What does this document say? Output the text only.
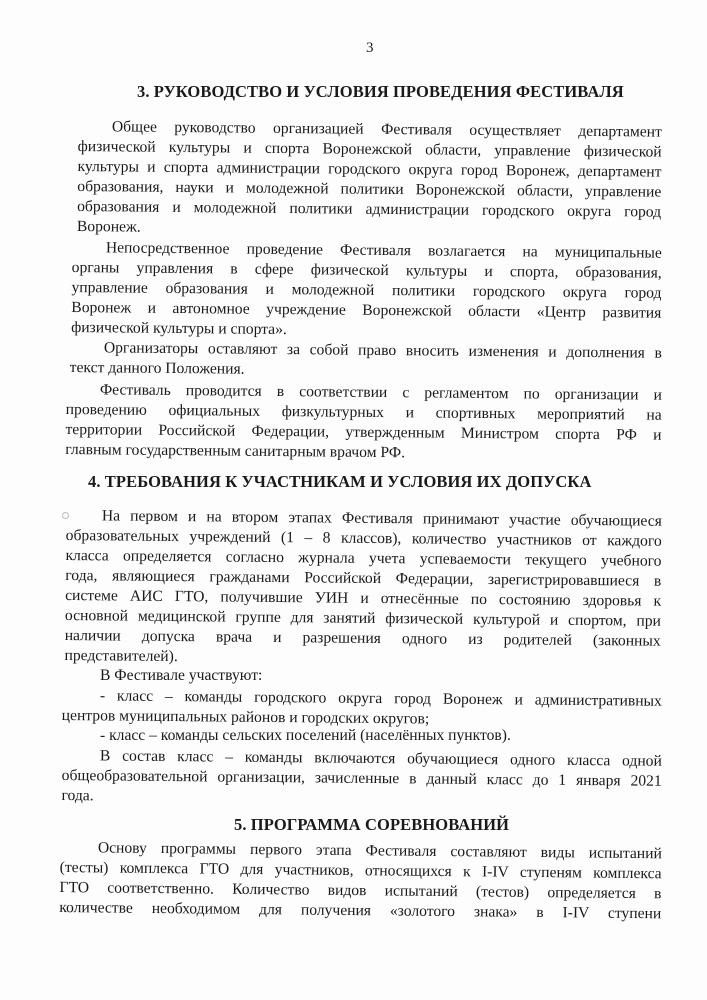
3
3. РУКОВОДСТВО И УСЛОВИЯ ПРОВЕДЕНИЯ ФЕСТИВАЛЯ
Общее руководство организацией Фестиваля осуществляет департамент
физической культуры и спорта Воронежской области, управление физической
культуры и спорта администрации городского округа город Воронеж, департамент
образования, науки и молодежной политики Воронежской области, управление
образования и молодежной политики администрации городского округа город
Воронеж.
Непосредственное проведение Фестиваля возлагается на муниципальные
органы управления в сфере физической культуры и спорта, образования,
управление образования и молодежной политики городского округа город
Воронеж и автономное учреждение Воронежской области «Центр развития
физической культуры и спорта».
Организаторы оставляют за собой право вносить изменения и дополнения в
текст данного Положения.
Фестиваль проводится в соответствии с регламентом по организации и
проведению официальных физкультурных и спортивных мероприятий на
территории Российской Федерации, утвержденным Министром спорта РФ и
главным государственным санитарным врачом РФ.
4. ТРЕБОВАНИЯ К УЧАСТНИКАМ И УСЛОВИЯ ИХ ДОПУСКА
На первом и на втором этапах Фестиваля принимают участие обучающиеся
образовательных учреждений (1 – 8 классов), количество участников от каждого
класса определяется согласно журнала учета успеваемости текущего учебного
года, являющиеся гражданами Российской Федерации, зарегистрировавшиеся в
системе АИС ГТО, получившие УИН и отнесённые по состоянию здоровья к
основной медицинской группе для занятий физической культурой и спортом, при
наличии допуска врача и разрешения одного из родителей (законных
представителей).
В Фестивале участвуют:
- класс – команды городского округа город Воронеж и административных
центров муниципальных районов и городских округов;
- класс – команды сельских поселений (населённых пунктов).
В состав класс – команды включаются обучающиеся одного класса одной
общеобразовательной организации, зачисленные в данный класс до 1 января 2021
года.
5. ПРОГРАММА СОРЕВНОВАНИЙ
Основу программы первого этапа Фестиваля составляют виды испытаний
(тесты) комплекса ГТО для участников, относящихся к I-IV ступеням комплекса
ГТО соответственно. Количество видов испытаний (тестов) определяется в
количестве необходимом для получения «золотого знака» в I-IV ступени
